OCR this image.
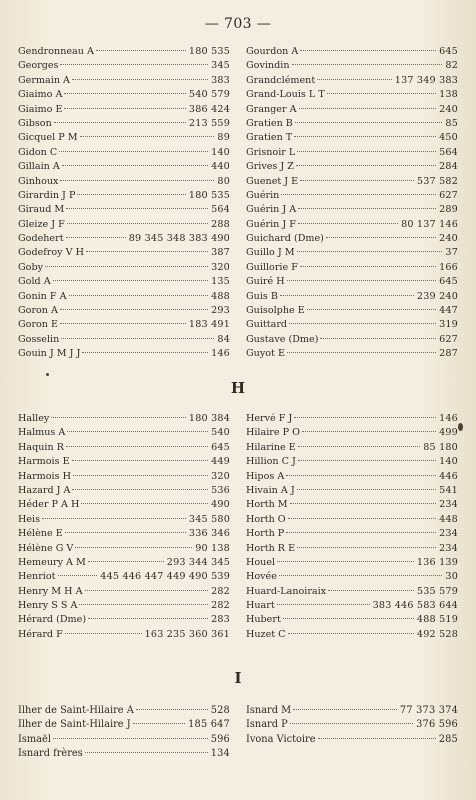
— 703 —
Gendronneau A	180 535
Georges	345
Germain A	383
Giaimo A	540 579
Giaimo E	386 424
Gibson	213 559
Gicquel P M	89
Gidon C	140
Gillain A	440
Ginhoux	80
Girardin J P	180 535
Giraud M	564
Gleize J F	288
Godehert	89 345 348 383 490
Godefroy V H	387
Goby	320
Gold A	135
Gonin F A	488
Goron A	293
Goron E	183 491
Gosselin	84
Gouin J M J J	146
Gourdon A	645
Govindin	82
Grandclément	137 349 383
Grand-Louis L T	138
Granger A	240
Gratien B	85
Gratien T	450
Grisnoir L	564
Grives J Z	284
Guenet J E	537 582
Guérin	627
Guérin J A	289
Guérin J F	80 137 146
Guichard (Dme)	240
Guillo J M	37
Guillorie F	166
Guiré H	645
Guis B	239 240
Guisolphe E	447
Guittard	319
Gustave (Dme)	627
Guyot E	287
H
Halley	180 384
Halmus A	540
Haquin R	645
Harmois E	449
Harmois H	320
Hazard J A	536
Héder P A H	490
Heis	345 580
Hélène E	336 346
Hélène G V	90 138
Hemeury A M	293 344 345
Henriot	445 446 447 449 490 539
Henry M H A	282
Henry S S A	282
Hérard (Dme)	283
Hérard F	163 235 360 361
Hervé F J	146
Hilaire P O	499
Hilarine E	85 180
Hillion C J	140
Hipos A	446
Hivain A J	541
Horth M	234
Horth O	448
Horth P	234
Horth R E	234
Houel	136 139
Hovée	30
Huard-Lanoiraix	535 579
Huart	383 446 583 644
Hubert	488 519
Huzet C	492 528
I
Ilher de Saint-Hilaire A	528
Ilher de Saint-Hilaire J	185 647
Ismaël	596
Isnard frères	134
Isnard M	77 373 374
Isnard P	376 596
Ivona Victoire	285
